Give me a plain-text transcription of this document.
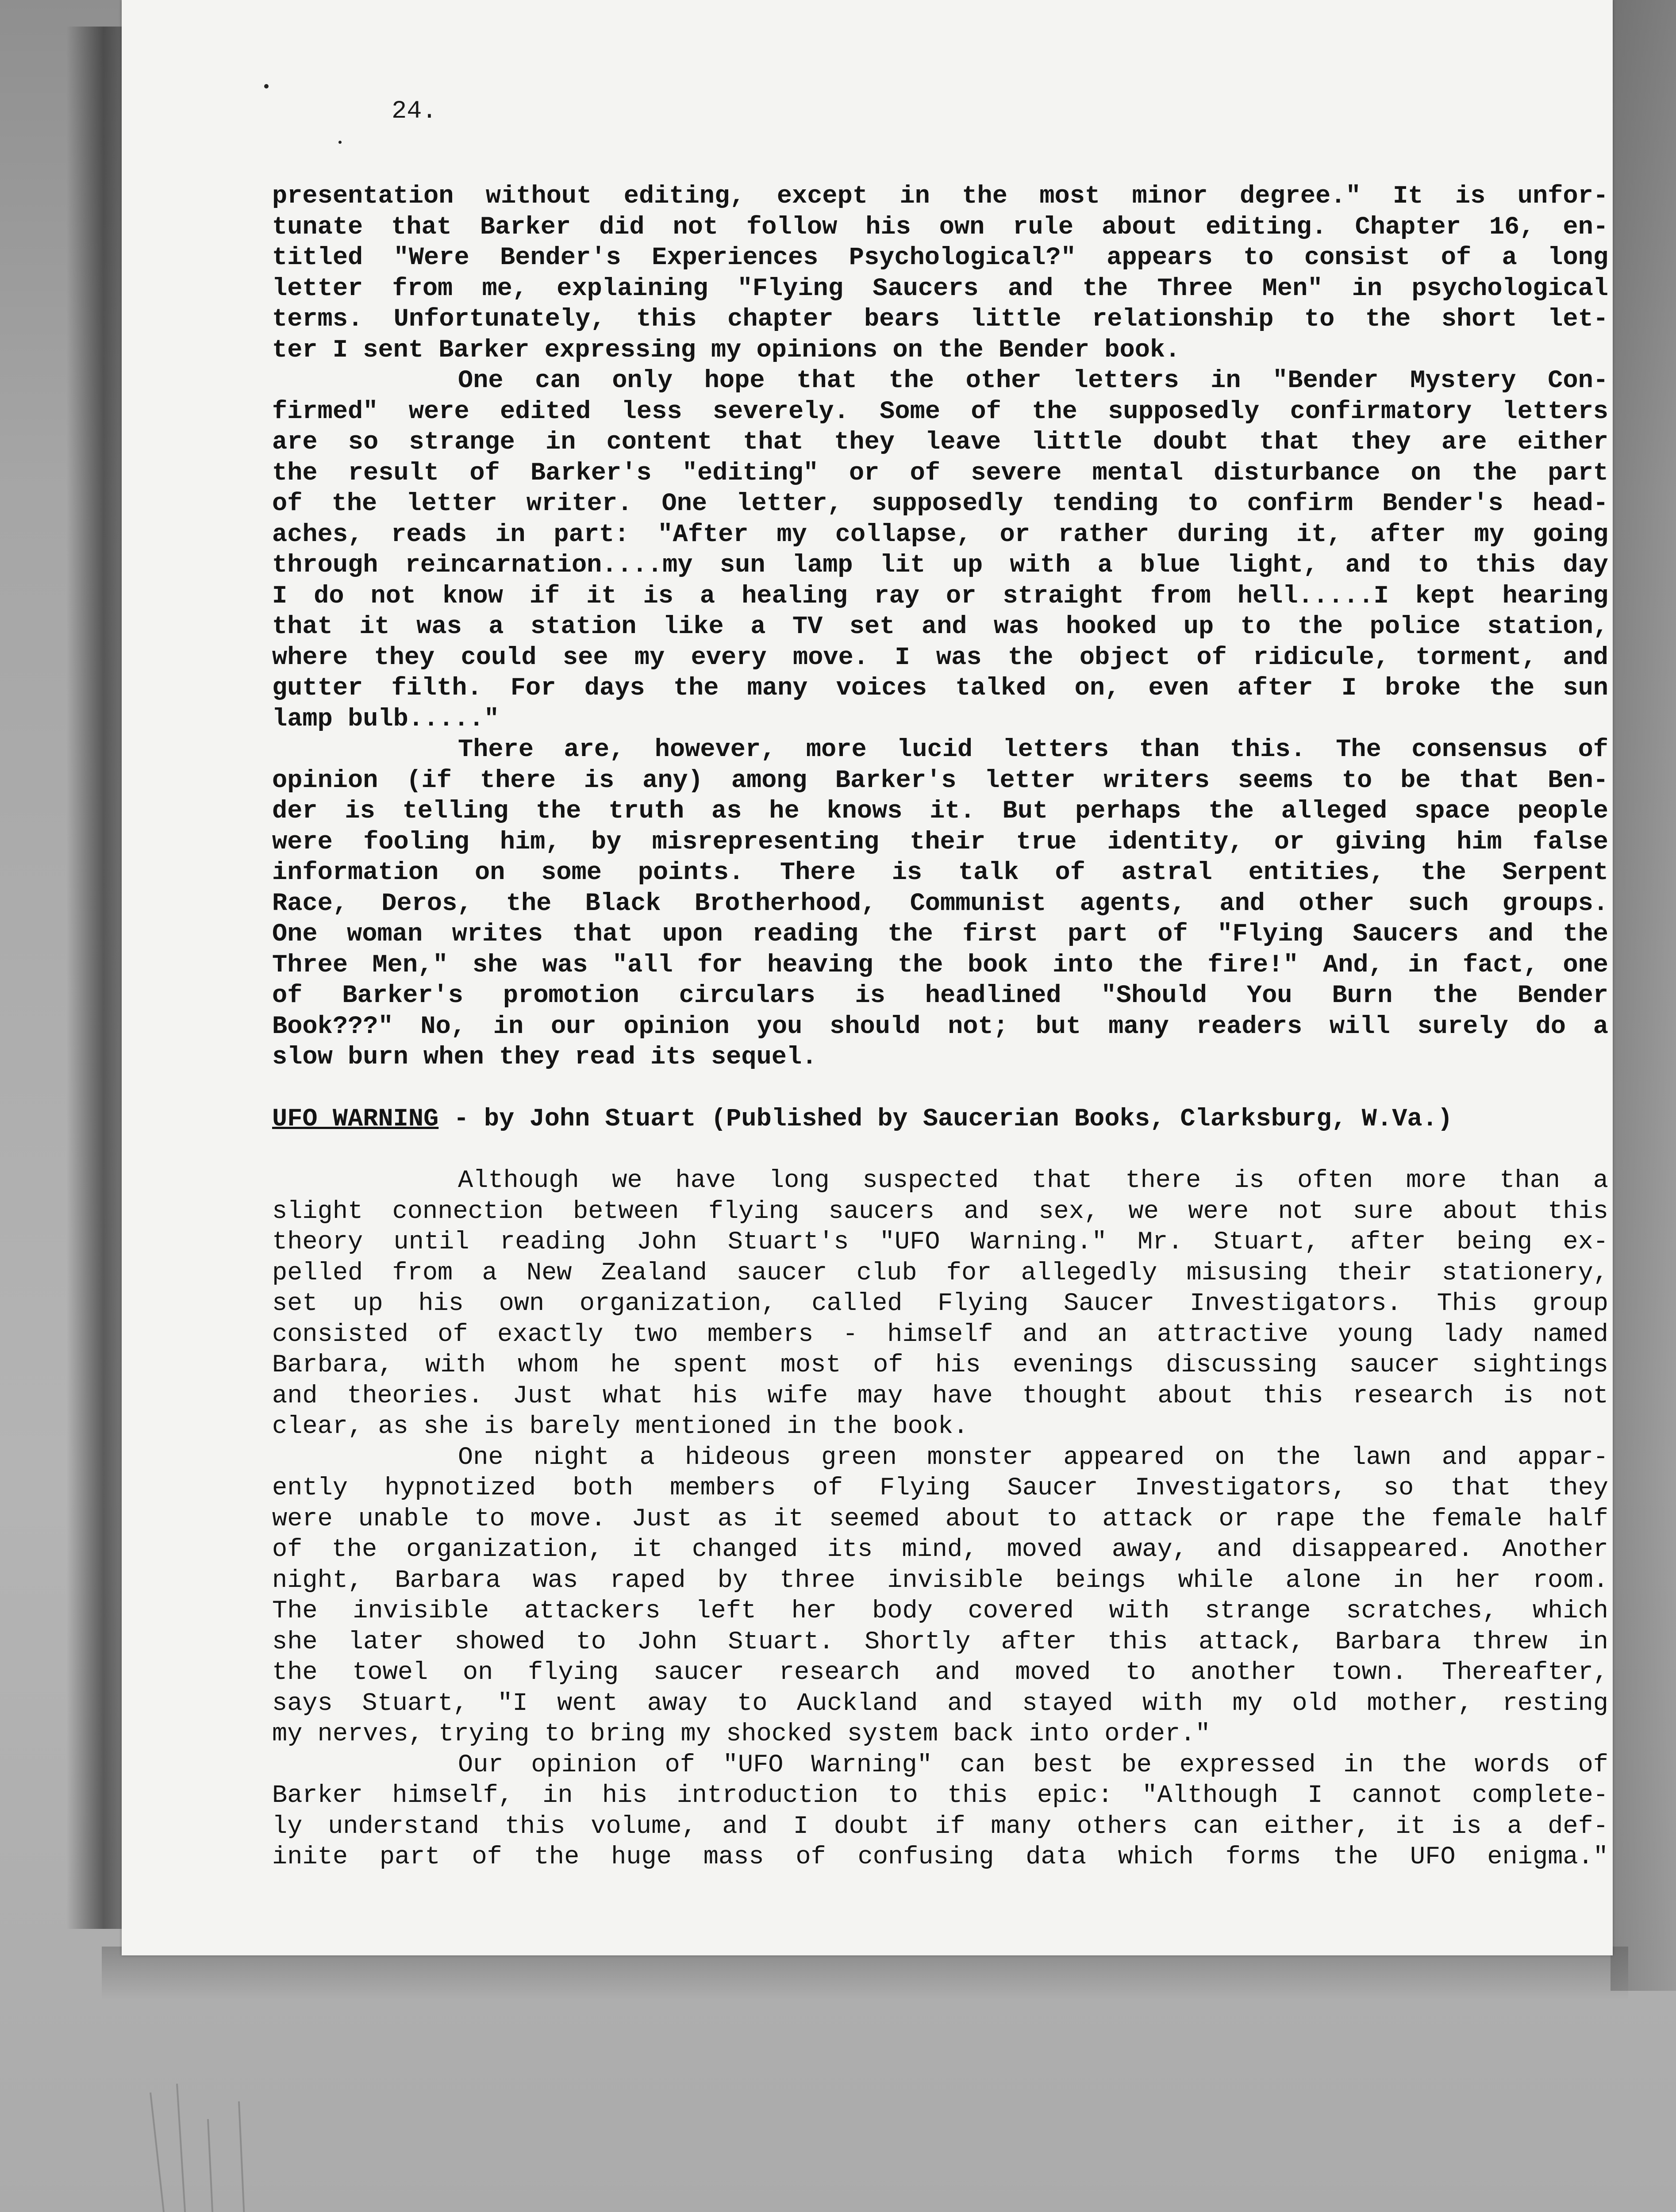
24.
presentation without editing, except in the most minor degree." It is unfor-
tunate that Barker did not follow his own rule about editing. Chapter 16, en-
titled "Were Bender's Experiences Psychological?" appears to consist of a long
letter from me, explaining "Flying Saucers and the Three Men" in psychological
terms. Unfortunately, this chapter bears little relationship to the short let-
ter I sent Barker expressing my opinions on the Bender book.
One can only hope that the other letters in "Bender Mystery Con-
firmed" were edited less severely. Some of the supposedly confirmatory letters
are so strange in content that they leave little doubt that they are either
the result of Barker's "editing" or of severe mental disturbance on the part
of the letter writer. One letter, supposedly tending to confirm Bender's head-
aches, reads in part: "After my collapse, or rather during it, after my going
through reincarnation....my sun lamp lit up with a blue light, and to this day
I do not know if it is a healing ray or straight from hell.....I kept hearing
that it was a station like a TV set and was hooked up to the police station,
where they could see my every move. I was the object of ridicule, torment, and
gutter filth. For days the many voices talked on, even after I broke the sun
lamp bulb....."
There are, however, more lucid letters than this. The consensus of
opinion (if there is any) among Barker's letter writers seems to be that Ben-
der is telling the truth as he knows it. But perhaps the alleged space people
were fooling him, by misrepresenting their true identity, or giving him false
information on some points. There is talk of astral entities, the Serpent
Race, Deros, the Black Brotherhood, Communist agents, and other such groups.
One woman writes that upon reading the first part of "Flying Saucers and the
Three Men," she was "all for heaving the book into the fire!" And, in fact, one
of Barker's promotion circulars is headlined "Should You Burn the Bender
Book???" No, in our opinion you should not; but many readers will surely do a
slow burn when they read its sequel.
UFO WARNING - by John Stuart (Published by Saucerian Books, Clarksburg, W.Va.)
Although we have long suspected that there is often more than a
slight connection between flying saucers and sex, we were not sure about this
theory until reading John Stuart's "UFO Warning." Mr. Stuart, after being ex-
pelled from a New Zealand saucer club for allegedly misusing their stationery,
set up his own organization, called Flying Saucer Investigators. This group
consisted of exactly two members - himself and an attractive young lady named
Barbara, with whom he spent most of his evenings discussing saucer sightings
and theories. Just what his wife may have thought about this research is not
clear, as she is barely mentioned in the book.
One night a hideous green monster appeared on the lawn and appar-
ently hypnotized both members of Flying Saucer Investigators, so that they
were unable to move. Just as it seemed about to attack or rape the female half
of the organization, it changed its mind, moved away, and disappeared. Another
night, Barbara was raped by three invisible beings while alone in her room.
The invisible attackers left her body covered with strange scratches, which
she later showed to John Stuart. Shortly after this attack, Barbara threw in
the towel on flying saucer research and moved to another town. Thereafter,
says Stuart, "I went away to Auckland and stayed with my old mother, resting
my nerves, trying to bring my shocked system back into order."
Our opinion of "UFO Warning" can best be expressed in the words of
Barker himself, in his introduction to this epic: "Although I cannot complete-
ly understand this volume, and I doubt if many others can either, it is a def-
inite part of the huge mass of confusing data which forms the UFO enigma."
